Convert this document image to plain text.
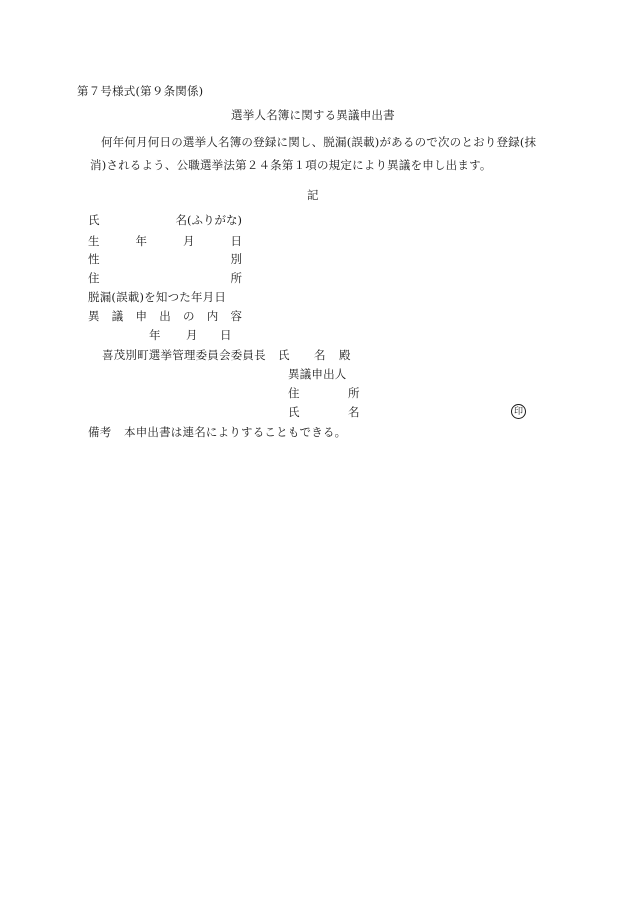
第７号様式(第９条関係)
選挙人名簿に関する異議申出書
何年何月何日の選挙人名簿の登録に関し、脱漏(誤載)があるので次のとおり登録(抹
消)されるよう、公職選挙法第２４条第１項の規定により異議を申し出ます。
記
氏	名(ふりがな)
生	年	月	日
性	別
住	所
脱漏(誤載)を知つた年月日
異 議 申 出 の 内 容
年 月 日
喜茂別町選挙管理委員会委員長 氏 名 殿
異議申出人
住	所
氏	名	印
備考 本申出書は連名によりすることもできる。
